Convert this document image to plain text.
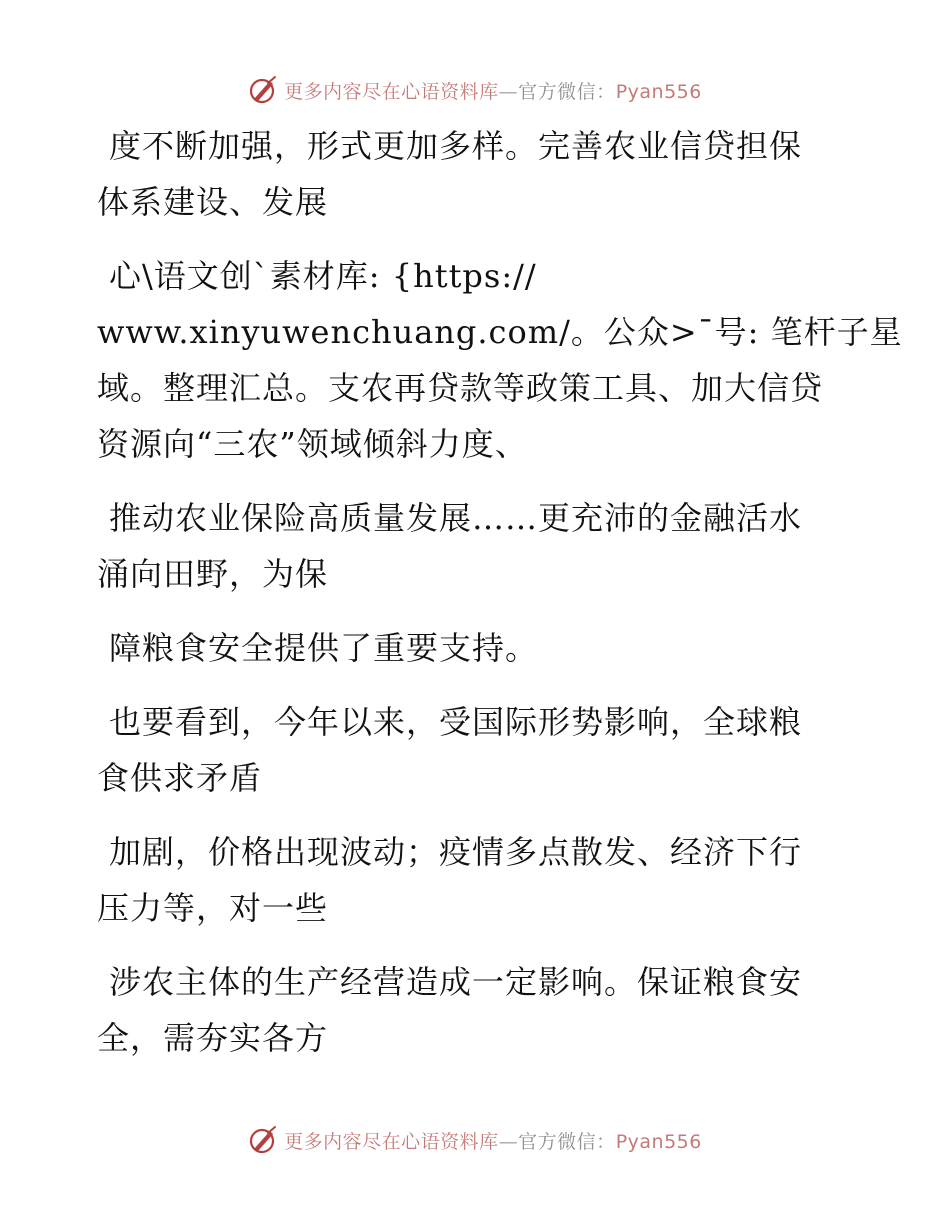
更多内容尽在心语资料库—官方微信：Pyan556

度不断加强，形式更加多样。完善农业信贷担保
体系建设、发展

心\语文创`素材库: {https://
www.xinyuwenchuang.com/。公众>¯号: 笔杆子星
域。整理汇总。支农再贷款等政策工具、加大信贷
资源向“三农”领域倾斜力度、

推动农业保险高质量发展……更充沛的金融活水
涌向田野，为保

障粮食安全提供了重要支持。

也要看到，今年以来，受国际形势影响，全球粮
食供求矛盾

加剧，价格出现波动；疫情多点散发、经济下行
压力等，对一些

涉农主体的生产经营造成一定影响。保证粮食安
全，需夯实各方

更多内容尽在心语资料库—官方微信：Pyan556
